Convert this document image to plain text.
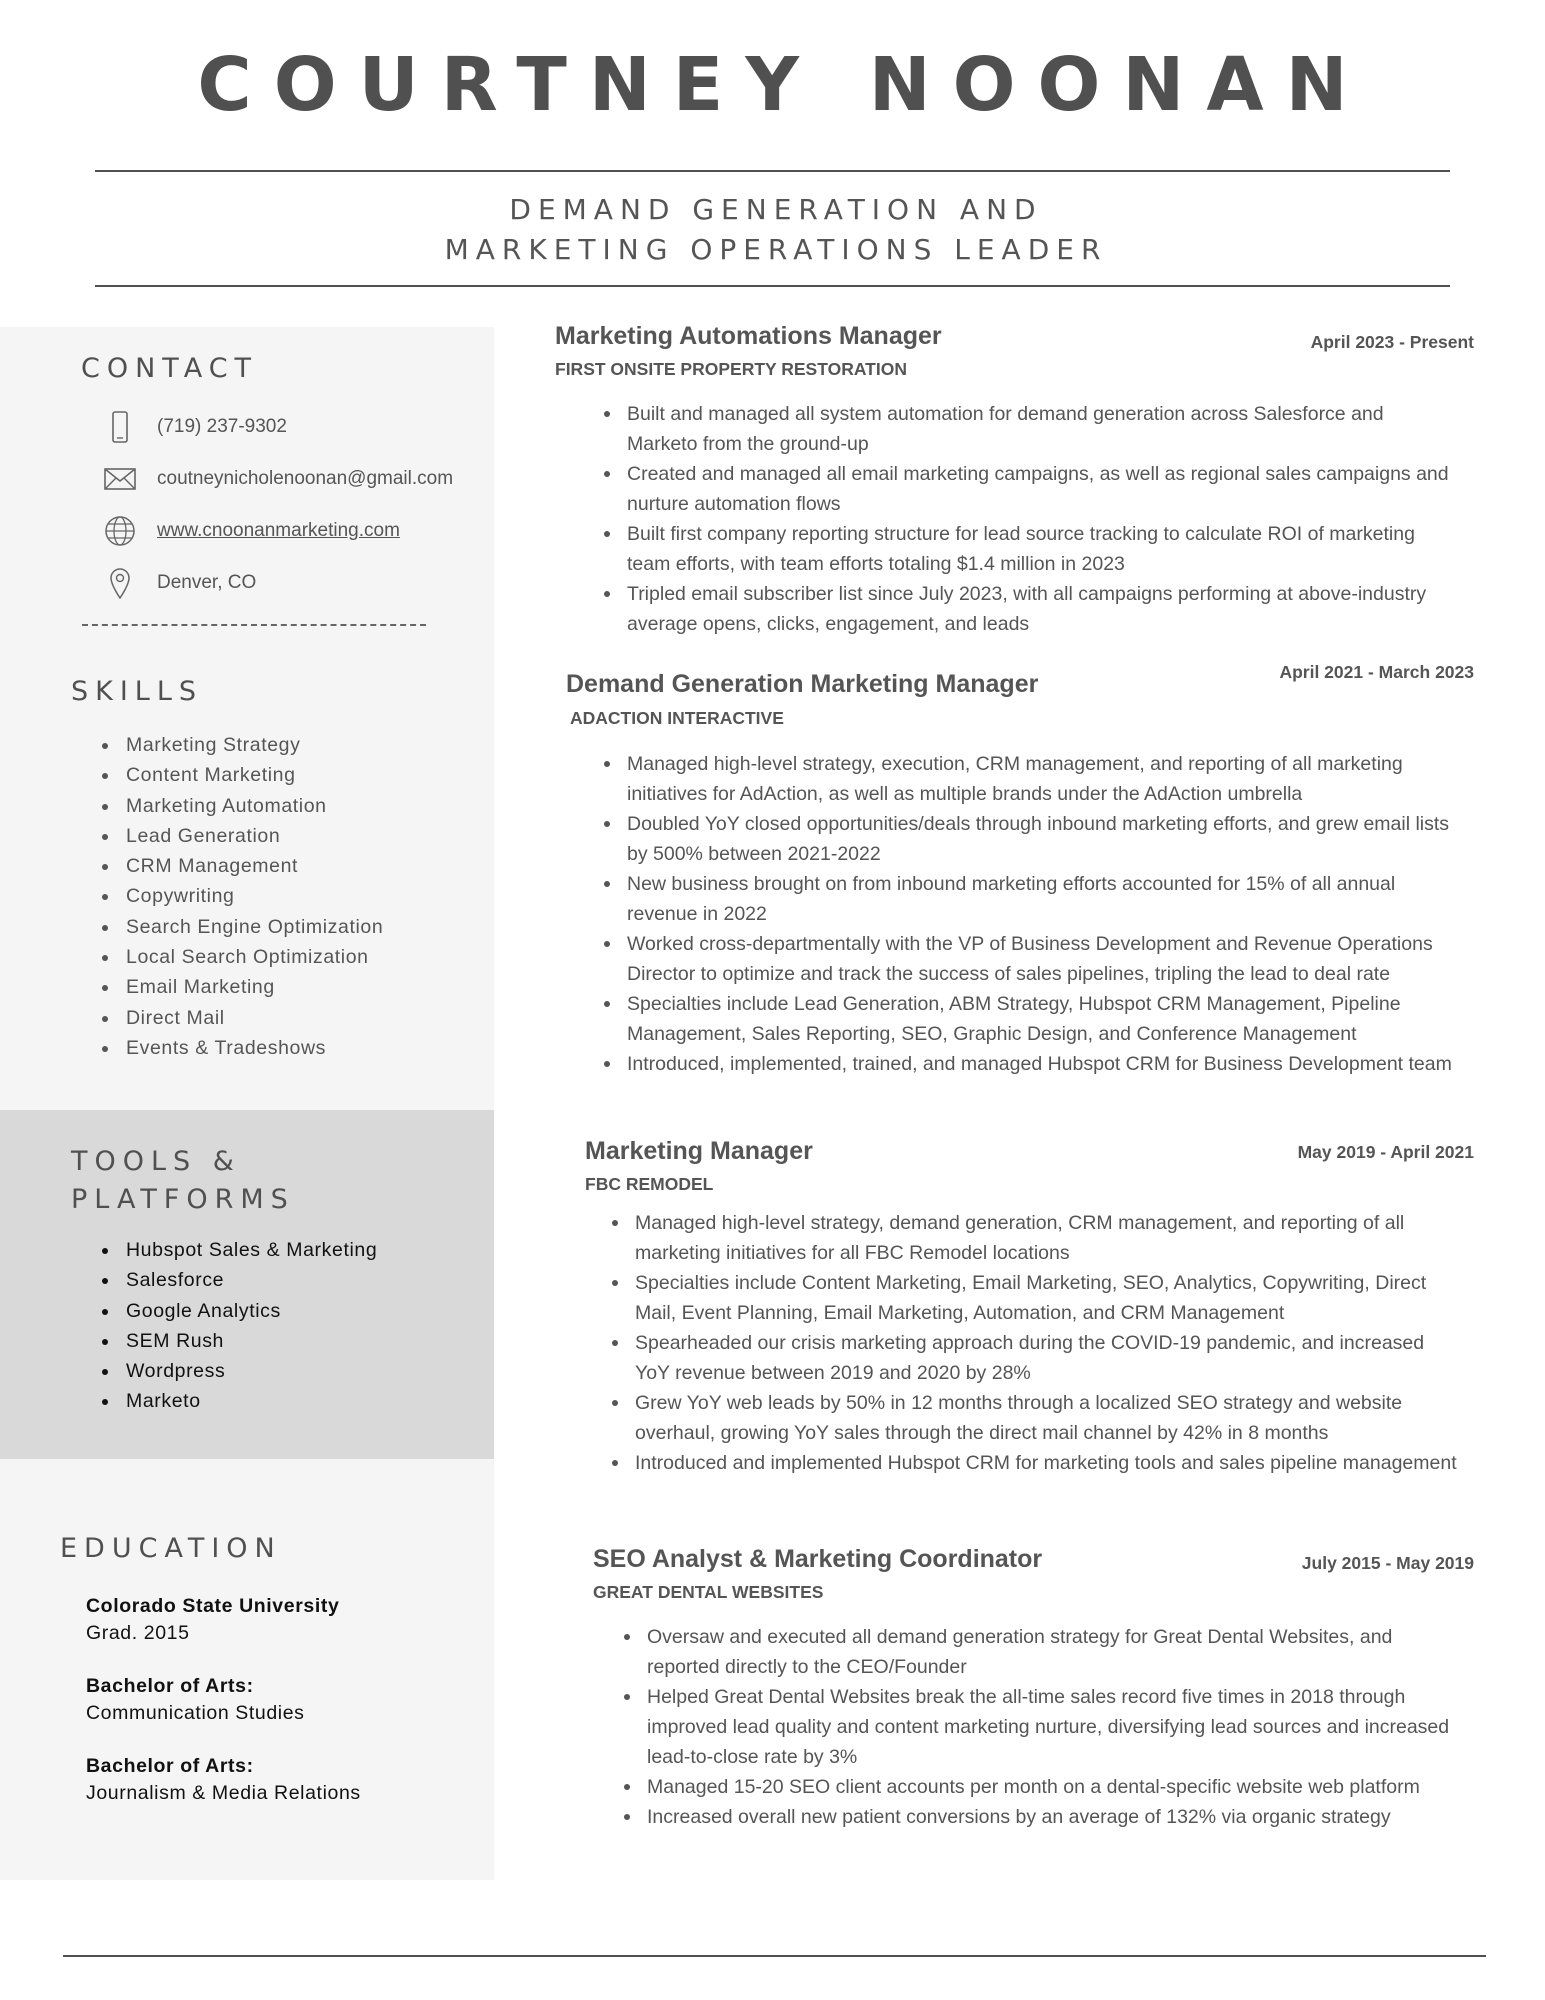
COURTNEY NOONAN
DEMAND GENERATION AND
MARKETING OPERATIONS LEADER
CONTACT
(719) 237-9302
coutneynicholenoonan@gmail.com
www.cnoonanmarketing.com
Denver, CO
SKILLS
Marketing Strategy
Content Marketing
Marketing Automation
Lead Generation
CRM Management
Copywriting
Search Engine Optimization
Local Search Optimization
Email Marketing
Direct Mail
Events & Tradeshows
TOOLS &
PLATFORMS
Hubspot Sales & Marketing
Salesforce
Google Analytics
SEM Rush
Wordpress
Marketo
EDUCATION
Colorado State University
Grad. 2015
Bachelor of Arts:
Communication Studies
Bachelor of Arts:
Journalism & Media Relations
Marketing Automations Manager
FIRST ONSITE PROPERTY RESTORATION
April 2023 - Present
Built and managed all system automation for demand generation across Salesforce and Marketo from the ground-up
Created and managed all email marketing campaigns, as well as regional sales campaigns and nurture automation flows
Built first company reporting structure for lead source tracking to calculate ROI of marketing team efforts, with team efforts totaling $1.4 million in 2023
Tripled email subscriber list since July 2023, with all campaigns performing at above-industry average opens, clicks, engagement, and leads
April 2021 - March 2023
Demand Generation Marketing Manager
ADACTION INTERACTIVE
Managed high-level strategy, execution, CRM management, and reporting of all marketing initiatives for AdAction, as well as multiple brands under the AdAction umbrella
Doubled YoY closed opportunities/deals through inbound marketing efforts, and grew email lists by 500% between 2021-2022
New business brought on from inbound marketing efforts accounted for 15% of all annual revenue in 2022
Worked cross-departmentally with the VP of Business Development and Revenue Operations Director to optimize and track the success of sales pipelines, tripling the lead to deal rate
Specialties include Lead Generation, ABM Strategy, Hubspot CRM Management, Pipeline Management, Sales Reporting, SEO, Graphic Design, and Conference Management
Introduced, implemented, trained, and managed Hubspot CRM for Business Development team
Marketing Manager
FBC REMODEL
May 2019 - April 2021
Managed high-level strategy, demand generation, CRM management, and reporting of all marketing initiatives for all FBC Remodel locations
Specialties include Content Marketing, Email Marketing, SEO, Analytics, Copywriting, Direct Mail, Event Planning, Email Marketing, Automation, and CRM Management
Spearheaded our crisis marketing approach during the COVID-19 pandemic, and increased YoY revenue between 2019 and 2020 by 28%
Grew YoY web leads by 50% in 12 months through a localized SEO strategy and website overhaul, growing YoY sales through the direct mail channel by 42% in 8 months
Introduced and implemented Hubspot CRM for marketing tools and sales pipeline management
SEO Analyst & Marketing Coordinator
GREAT DENTAL WEBSITES
July 2015 - May 2019
Oversaw and executed all demand generation strategy for Great Dental Websites, and reported directly to the CEO/Founder
Helped Great Dental Websites break the all-time sales record five times in 2018 through improved lead quality and content marketing nurture, diversifying lead sources and increased lead-to-close rate by 3%
Managed 15-20 SEO client accounts per month on a dental-specific website web platform
Increased overall new patient conversions by an average of 132% via organic strategy
